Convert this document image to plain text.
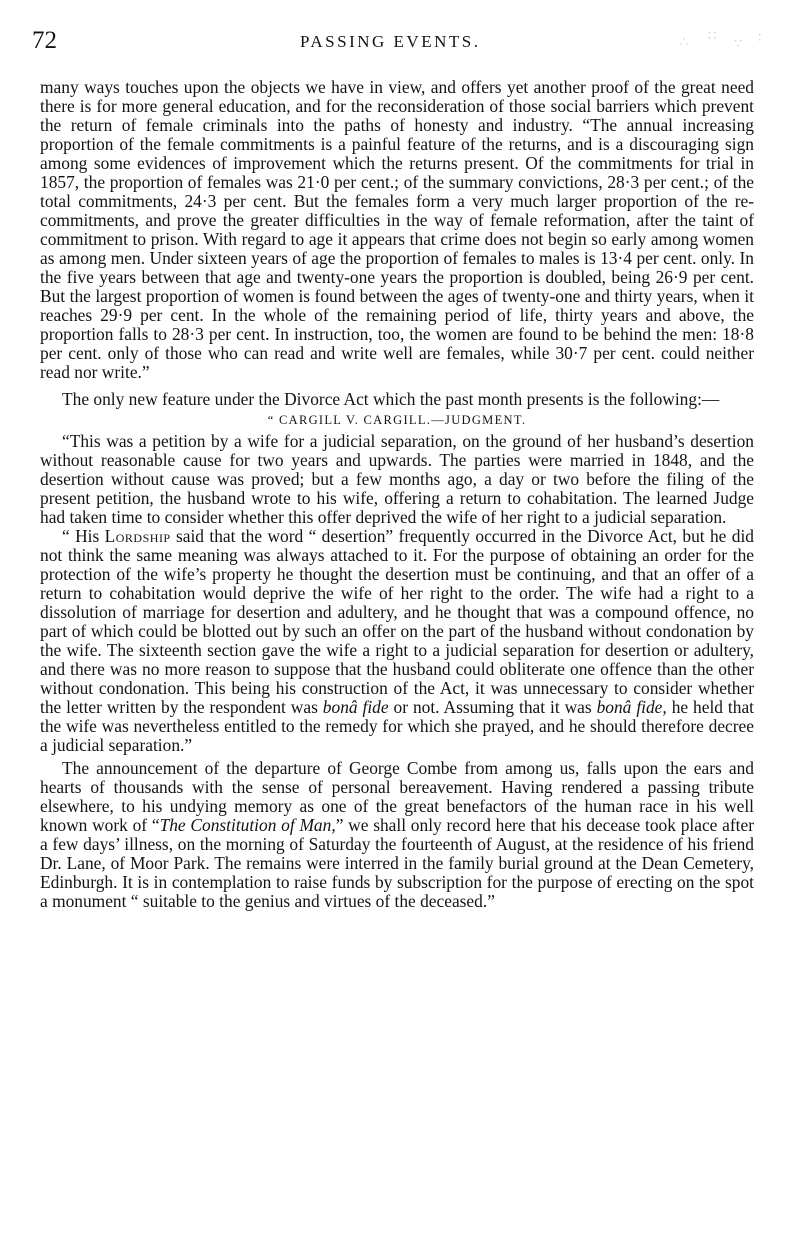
72	PASSING EVENTS.	∴ ∷
∵ ∶

many ways touches upon the objects we have in view, and offers yet another proof of the great need there is for more general education, and for the reconsideration of those social barriers which prevent the return of female criminals into the paths of honesty and industry. “The annual increasing proportion of the female commitments is a painful feature of the returns, and is a discouraging sign among some evidences of improvement which the returns present. Of the commitments for trial in 1857, the proportion of females was 21·0 per cent.; of the summary convictions, 28·3 per cent.; of the total commitments, 24·3 per cent. But the females form a very much larger proportion of the re-commitments, and prove the greater difficulties in the way of female reformation, after the taint of commitment to prison. With regard to age it appears that crime does not begin so early among women as among men. Under sixteen years of age the proportion of females to males is 13·4 per cent. only. In the five years between that age and twenty-one years the proportion is doubled, being 26·9 per cent. But the largest proportion of women is found between the ages of twenty-one and thirty years, when it reaches 29·9 per cent. In the whole of the remaining period of life, thirty years and above, the proportion falls to 28·3 per cent. In instruction, too, the women are found to be behind the men: 18·8 per cent. only of those who can read and write well are females, while 30·7 per cent. could neither read nor write.”

The only new feature under the Divorce Act which the past month presents is the following:—

“ CARGILL V. CARGILL.—JUDGMENT.

“This was a petition by a wife for a judicial separation, on the ground of her husband’s desertion without reasonable cause for two years and upwards. The parties were married in 1848, and the desertion without cause was proved; but a few months ago, a day or two before the filing of the present petition, the husband wrote to his wife, offering a return to cohabitation. The learned Judge had taken time to consider whether this offer deprived the wife of her right to a judicial separation.

“ His Lordship said that the word “ desertion” frequently occurred in the Divorce Act, but he did not think the same meaning was always attached to it. For the purpose of obtaining an order for the protection of the wife’s property he thought the desertion must be continuing, and that an offer of a return to cohabitation would deprive the wife of her right to the order. The wife had a right to a dissolution of marriage for desertion and adultery, and he thought that was a compound offence, no part of which could be blotted out by such an offer on the part of the husband without condonation by the wife. The sixteenth section gave the wife a right to a judicial separation for desertion or adultery, and there was no more reason to suppose that the husband could obliterate one offence than the other without condonation. This being his construction of the Act, it was unnecessary to consider whether the letter written by the respondent was bonâ fide or not. Assuming that it was bonâ fide, he held that the wife was nevertheless entitled to the remedy for which she prayed, and he should therefore decree a judicial separation.”

The announcement of the departure of George Combe from among us, falls upon the ears and hearts of thousands with the sense of personal bereavement. Having rendered a passing tribute elsewhere, to his undying memory as one of the great benefactors of the human race in his well known work of “The Constitution of Man,” we shall only record here that his decease took place after a few days’ illness, on the morning of Saturday the fourteenth of August, at the residence of his friend Dr. Lane, of Moor Park. The remains were interred in the family burial ground at the Dean Cemetery, Edinburgh. It is in contemplation to raise funds by subscription for the purpose of erecting on the spot a monument “ suitable to the genius and virtues of the deceased.”
